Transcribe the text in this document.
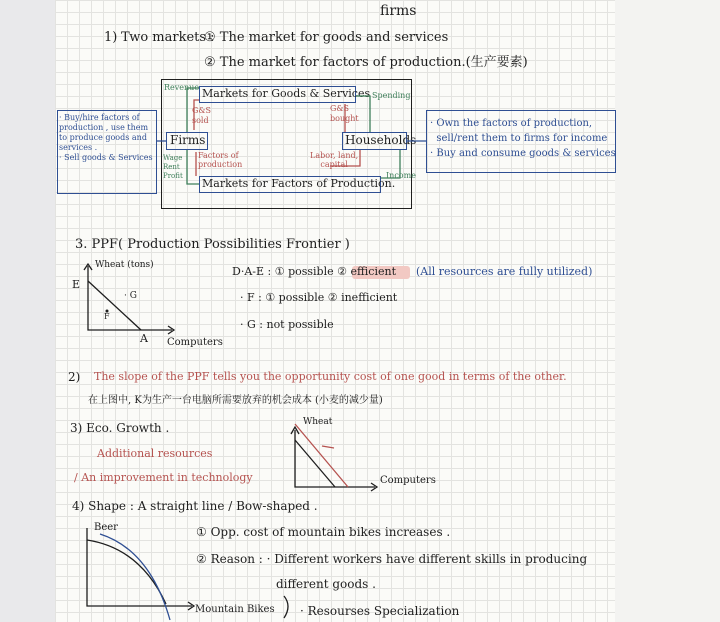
firms
1) Two markets :
① The market for goods and services
② The market for factors of production.(生产要素)
Markets for Goods & Services
Markets for Factors of Production.
Firms	Households
Revenue
Spending
G&S
sold
G&S
bought
Factors of
production
Labor, land,
capital
Wage
Rent
Profit	Income
· Buy/hire factors of
production , use them
to produce goods and
services .
· Sell goods & Services
· Own the factors of production,
sell/rent them to firms for income
· Buy and consume goods & services
3. PPF( Production Possibilities Frontier )
Wheat (tons)
E
· G
F
A Computers
D·A-E : ① possible ② efficient (All resources are fully utilized)
· F : ① possible ② inefficient
· G : not possible
2) The slope of the PPF tells you the opportunity cost of one good in terms of the other.
在上图中, K为生产一台电脑所需要放弃的机会成本 (小麦的减少量)
3) Eco. Growth .
Additional resources
/ An improvement in technology
Wheat
Computers
4) Shape : A straight line / Bow-shaped .
Beer
Mountain Bikes
① Opp. cost of mountain bikes increases .
② Reason : · Different workers have different skills in producing
different goods .
· Resourses Specialization
